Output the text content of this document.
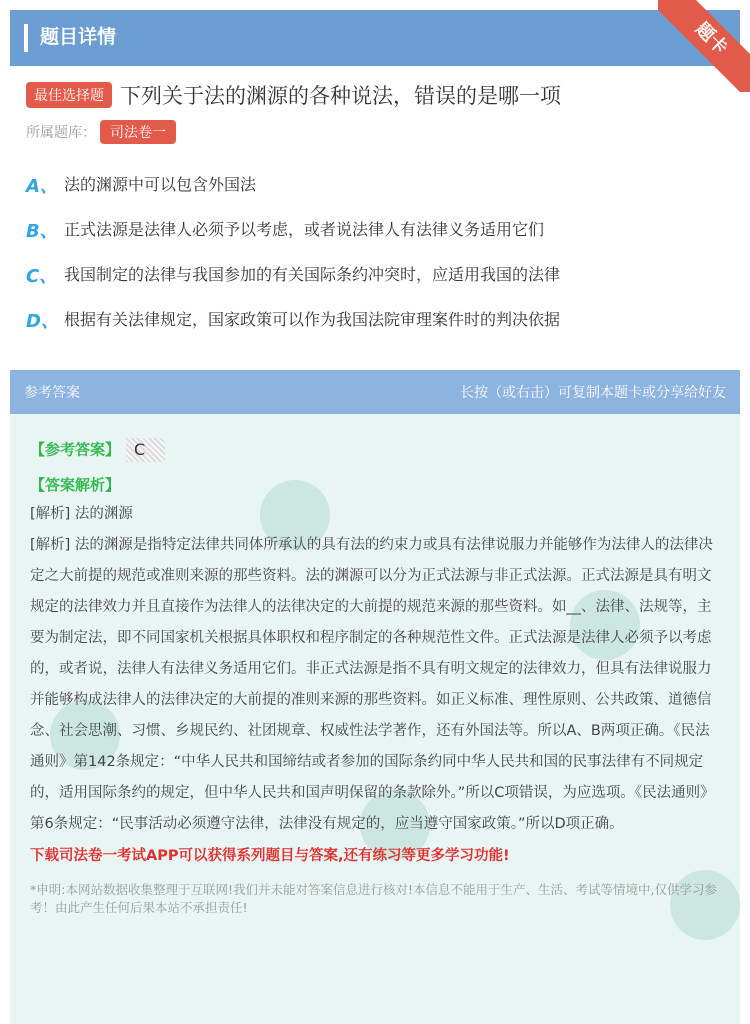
题目详情	题卡
最佳选择题 下列关于法的渊源的各种说法，错误的是哪一项
所属题库： 司法卷一
A、 法的渊源中可以包含外国法
B、 正式法源是法律人必须予以考虑，或者说法律人有法律义务适用它们
C、 我国制定的法律与我国参加的有关国际条约冲突时，应适用我国的法律
D、 根据有关法律规定，国家政策可以作为我国法院审理案件时的判决依据
参考答案	长按（或右击）可复制本题卡或分享给好友
【参考答案】 C
【答案解析】
[解析] 法的渊源
[解析] 法的渊源是指特定法律共同体所承认的具有法的约束力或具有法律说服力并能够作为法律人的法律决定之大前提的规范或准则来源的那些资料。法的渊源可以分为正式法源与非正式法源。正式法源是具有明文规定的法律效力并且直接作为法律人的法律决定的大前提的规范来源的那些资料。如__、法律、法规等，主要为制定法，即不同国家机关根据具体职权和程序制定的各种规范性文件。正式法源是法律人必须予以考虑的，或者说，法律人有法律义务适用它们。非正式法源是指不具有明文规定的法律效力，但具有法律说服力并能够构成法律人的法律决定的大前提的准则来源的那些资料。如正义标准、理性原则、公共政策、道德信念、社会思潮、习惯、乡规民约、社团规章、权威性法学著作，还有外国法等。所以A、B两项正确。《民法通则》第142条规定：“中华人民共和国缔结或者参加的国际条约同中华人民共和国的民事法律有不同规定的，适用国际条约的规定，但中华人民共和国声明保留的条款除外。”所以C项错误，为应选项。《民法通则》第6条规定：“民事活动必须遵守法律，法律没有规定的，应当遵守国家政策。”所以D项正确。
下载司法卷一考试APP可以获得系列题目与答案,还有练习等更多学习功能!
*申明:本网站数据收集整理于互联网!我们并未能对答案信息进行核对!本信息不能用于生产、生活、考试等情境中,仅供学习参考！由此产生任何后果本站不承担责任!
